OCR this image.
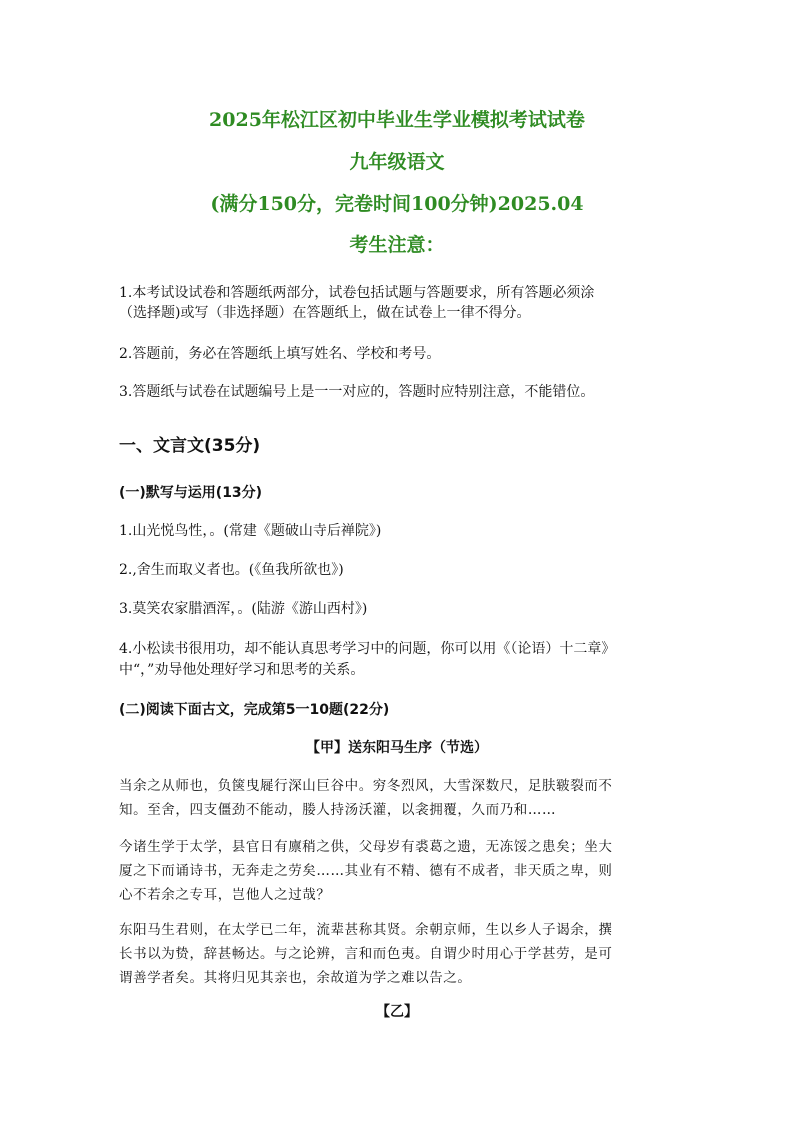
2025年松江区初中毕业生学业模拟考试试卷
九年级语文
(满分150分，完卷时间100分钟)2025.04
考生注意：
1.本考试设试卷和答题纸两部分，试卷包括试题与答题要求，所有答题必须涂
（选择题)或写（非选择题）在答题纸上，做在试卷上一律不得分。
2.答题前，务必在答题纸上填写姓名、学校和考号。
3.答题纸与试卷在试题编号上是一一对应的，答题时应特别注意，不能错位。
一、文言文(35分)
(一)默写与运用(13分)
1.山光悦鸟性，。(常建《题破山寺后禅院》)
2.,舍生而取义者也。(《鱼我所欲也》)
3.莫笑农家腊酒浑，。(陆游《游山西村》)
4.小松读书很用功，却不能认真思考学习中的问题，你可以用《（论语）十二章》
中“，”劝导他处理好学习和思考的关系。
(二)阅读下面古文，完成第5一10题(22分)
【甲】送东阳马生序（节选）
当余之从师也，负箧曳屣行深山巨谷中。穷冬烈风，大雪深数尺，足肤皲裂而不
知。至舍，四支僵劲不能动，媵人持汤沃灌，以衾拥覆，久而乃和……
今诸生学于太学，县官日有廪稍之供，父母岁有裘葛之遗，无冻馁之患矣；坐大
厦之下而诵诗书，无奔走之劳矣……其业有不精、德有不成者，非天质之卑，则
心不若余之专耳，岂他人之过哉？
东阳马生君则，在太学已二年，流辈甚称其贤。余朝京师，生以乡人子谒余，撰
长书以为贽，辞甚畅达。与之论辨，言和而色夷。自谓少时用心于学甚劳，是可
谓善学者矣。其将归见其亲也，余故道为学之难以告之。
【乙】
